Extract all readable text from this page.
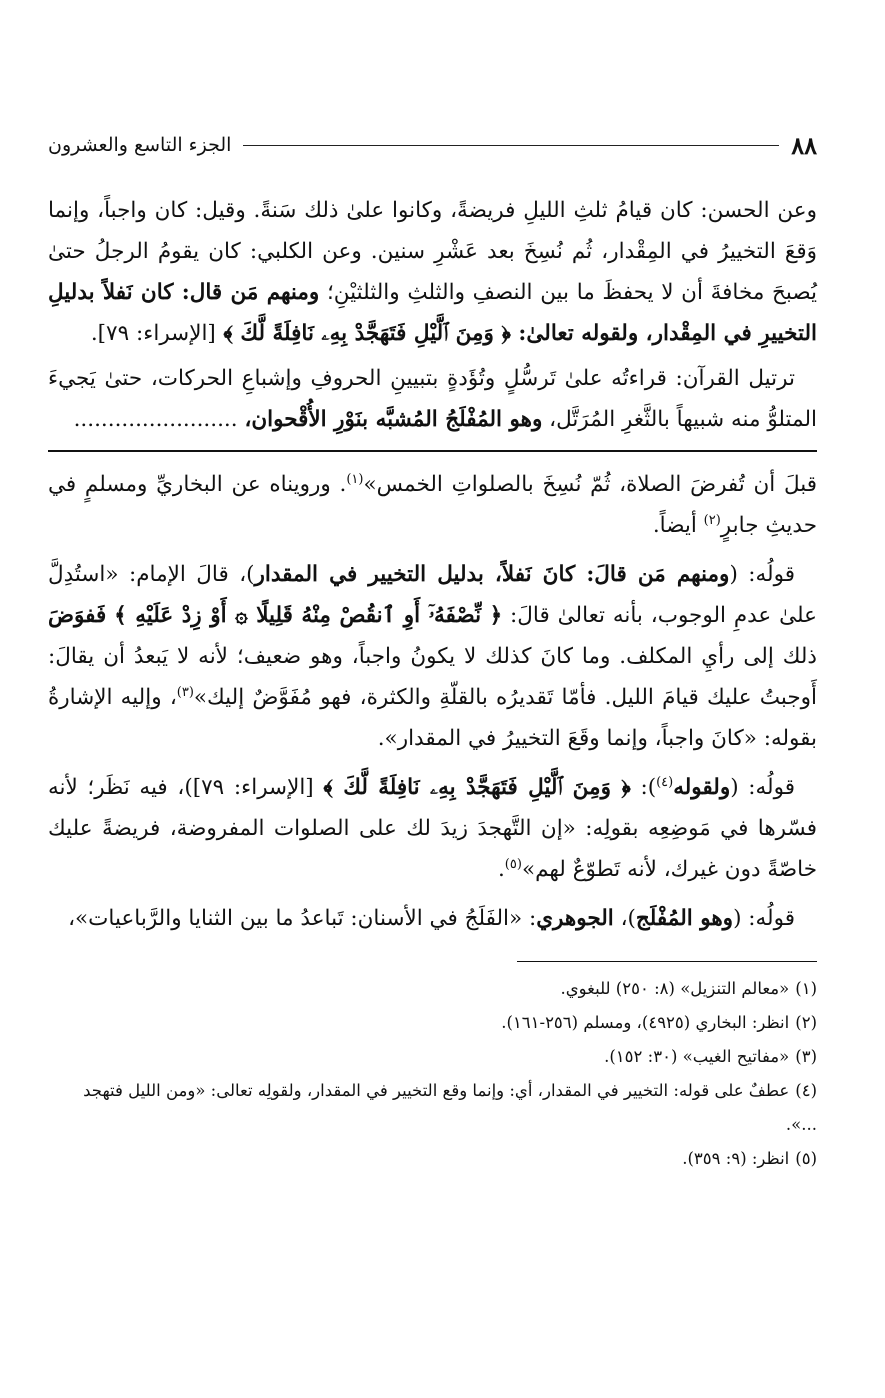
٨٨
الجزء التاسع والعشرون

وعن الحسن: كان قيامُ ثلثِ الليلِ فريضةً، وكانوا علىٰ ذلك سَنةً. وقيل: كان واجباً، وإنما وَقعَ التخييرُ في المِقْدار، ثُم نُسِخَ بعد عَشْرِ سنين. وعن الكلبي: كان يقومُ الرجلُ حتىٰ يُصبحَ مخافةَ أن لا يحفظَ ما بين النصفِ والثلثِ والثلثيْنِ؛ ومنهم مَن قال: كان نَفلاً بدليلِ التخييرِ في المِقْدار، ولقوله تعالىٰ: ﴿ وَمِنَ ٱلَّيْلِ فَتَهَجَّدْ بِهِۦ نَافِلَةً لَّكَ ﴾ [الإسراء: ٧٩].

ترتيل القرآن: قراءتُه علىٰ تَرسُّلٍ وتُؤَدةٍ بتبيينِ الحروفِ وإشباعِ الحركات، حتىٰ يَجيءَ المتلوُّ منه شبيهاً بالثَّغرِ المُرَتَّل، وهو المُفْلَجُ المُشبَّه بنَوْرِ الأُقْحوان، ........................

قبلَ أن تُفرضَ الصلاة، ثُمّ نُسِخَ بالصلواتِ الخمس»$^{(١)}$. ورويناه عن البخاريِّ ومسلمٍ في حديثِ جابرٍ$^{(٢)}$ أيضاً.

قولُه: (ومنهم مَن قالَ: كانَ نَفلاً، بدليل التخيير في المقدار)، قالَ الإمام: «استُدِلَّ علىٰ عدمِ الوجوب، بأنه تعالىٰ قالَ: ﴿ نِّصْفَهُۥٓ أَوِ ٱنقُصْ مِنْهُ قَلِيلًا ۞ أَوْ زِدْ عَلَيْهِ ﴾ فَفوَضَ ذلك إلى رأيِ المكلف. وما كانَ كذلك لا يكونُ واجباً، وهو ضعيف؛ لأنه لا يَبعدُ أن يقالَ: أَوجبتُ عليك قيامَ الليل. فأمّا تَقديرُه بالقلّةِ والكثرة، فهو مُفَوَّضٌ إليك»$^{(٣)}$، وإليه الإشارةُ بقوله: «كانَ واجباً، وإنما وقَعَ التخييرُ في المقدار».

قولُه: (ولقوله$^{(٤)}$): ﴿ وَمِنَ ٱلَّيْلِ فَتَهَجَّدْ بِهِۦ نَافِلَةً لَّكَ ﴾ [الإسراء: ٧٩])، فيه نَظَر؛ لأنه فسّرها في مَوضِعِه بقولِه: «إن التَّهجدَ زيدَ لك على الصلوات المفروضة، فريضةً عليك خاصّةً دون غيرك، لأنه تَطوّعٌ لهم»$^{(٥)}$.

قولُه: (وهو المُفْلَج)، الجوهري: «الفَلَجُ في الأسنان: تَباعدُ ما بين الثنايا والرَّباعيات»،

(١)«معالم التنزيل» (٨: ٢٥٠) للبغوي.
(٢)انظر: البخاري (٤٩٢٥)، ومسلم (٢٥٦-١٦١).
(٣)«مفاتيح الغيب» (٣٠: ١٥٢).
(٤)عطفٌ على قوله: التخيير في المقدار، أي: وإنما وقع التخيير في المقدار، ولقولِه تعالى: «ومن الليل فتهجد ...».
(٥)انظر: (٩: ٣٥٩).
